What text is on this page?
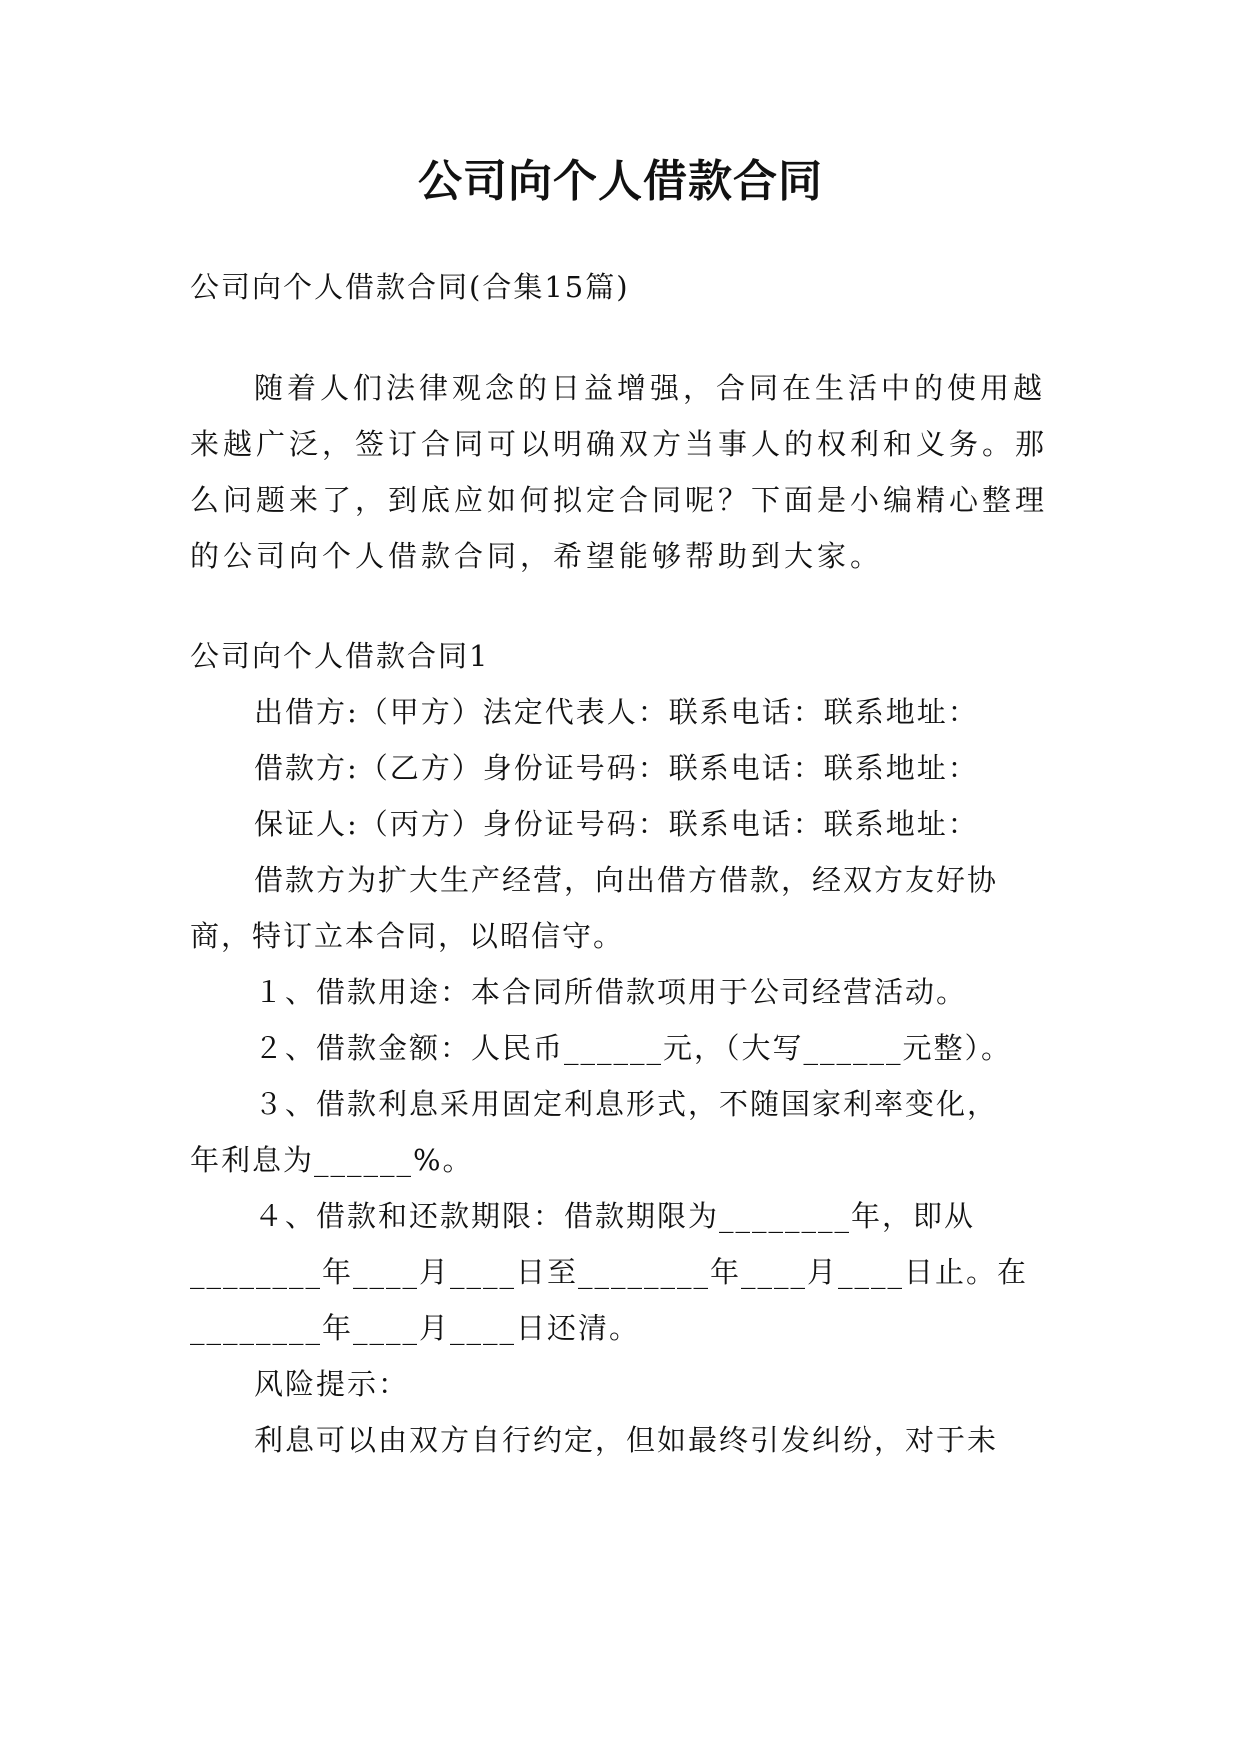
公司向个人借款合同
公司向个人借款合同(合集15篇)
随着人们法律观念的日益增强，合同在生活中的使用越
来越广泛，签订合同可以明确双方当事人的权利和义务。那
么问题来了，到底应如何拟定合同呢？下面是小编精心整理
的公司向个人借款合同，希望能够帮助到大家。
公司向个人借款合同1
出借方:（甲方）法定代表人：联系电话：联系地址：
借款方:（乙方）身份证号码：联系电话：联系地址：
保证人:（丙方）身份证号码：联系电话：联系地址：
借款方为扩大生产经营，向出借方借款，经双方友好协
商，特订立本合同，以昭信守。
１、借款用途：本合同所借款项用于公司经营活动。
２、借款金额：人民币______元，（大写______元整）。
３、借款利息采用固定利息形式，不随国家利率变化，
年利息为______%。
４、借款和还款期限：借款期限为________年，即从
________年____月____日至________年____月____日止。在
________年____月____日还清。
风险提示：
利息可以由双方自行约定，但如最终引发纠纷，对于未
